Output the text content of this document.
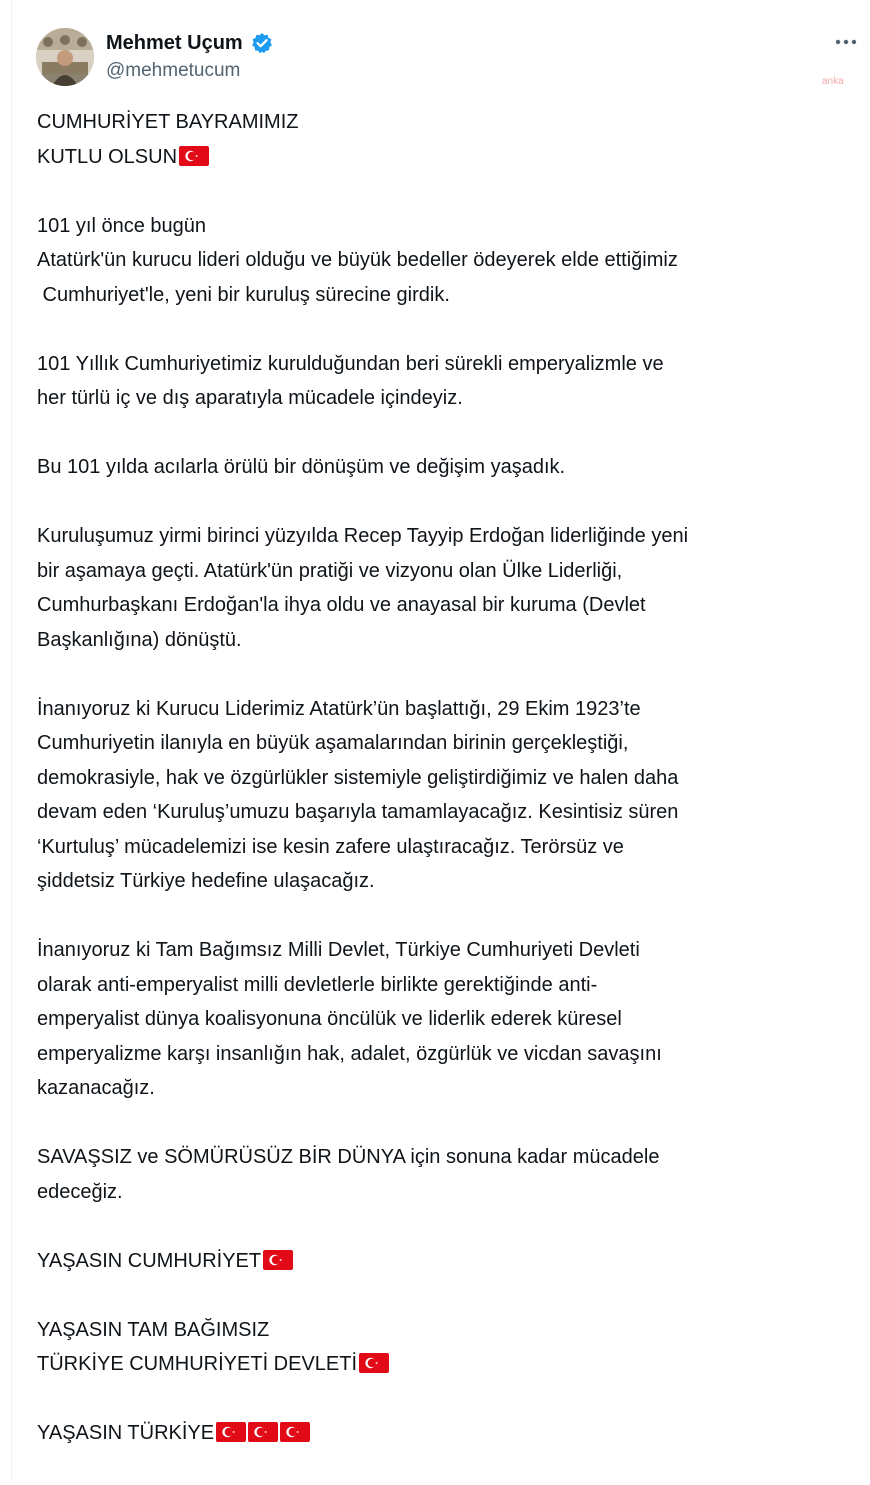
Mehmet Uçum
@mehmetucum
anka
CUMHURİYET BAYRAMIMIZ
KUTLU OLSUN
101 yıl önce bugün
Atatürk'ün kurucu lideri olduğu ve büyük bedeller ödeyerek elde ettiğimiz
Cumhuriyet'le, yeni bir kuruluş sürecine girdik.
101 Yıllık Cumhuriyetimiz kurulduğundan beri sürekli emperyalizmle ve
her türlü iç ve dış aparatıyla mücadele içindeyiz.
Bu 101 yılda acılarla örülü bir dönüşüm ve değişim yaşadık.
Kuruluşumuz yirmi birinci yüzyılda Recep Tayyip Erdoğan liderliğinde yeni
bir aşamaya geçti. Atatürk'ün pratiği ve vizyonu olan Ülke Liderliği,
Cumhurbaşkanı Erdoğan'la ihya oldu ve anayasal bir kuruma (Devlet
Başkanlığına) dönüştü.
İnanıyoruz ki Kurucu Liderimiz Atatürk’ün başlattığı, 29 Ekim 1923’te
Cumhuriyetin ilanıyla en büyük aşamalarından birinin gerçekleştiği,
demokrasiyle, hak ve özgürlükler sistemiyle geliştirdiğimiz ve halen daha
devam eden ‘Kuruluş’umuzu başarıyla tamamlayacağız. Kesintisiz süren
‘Kurtuluş’ mücadelemizi ise kesin zafere ulaştıracağız. Terörsüz ve
şiddetsiz Türkiye hedefine ulaşacağız.
İnanıyoruz ki Tam Bağımsız Milli Devlet, Türkiye Cumhuriyeti Devleti
olarak anti-emperyalist milli devletlerle birlikte gerektiğinde anti-
emperyalist dünya koalisyonuna öncülük ve liderlik ederek küresel
emperyalizme karşı insanlığın hak, adalet, özgürlük ve vicdan savaşını
kazanacağız.
SAVAŞSIZ ve SÖMÜRÜSÜZ BİR DÜNYA için sonuna kadar mücadele
edeceğiz.
YAŞASIN CUMHURİYET
YAŞASIN TAM BAĞIMSIZ
TÜRKİYE CUMHURİYETİ DEVLETİ
YAŞASIN TÜRKİYE
